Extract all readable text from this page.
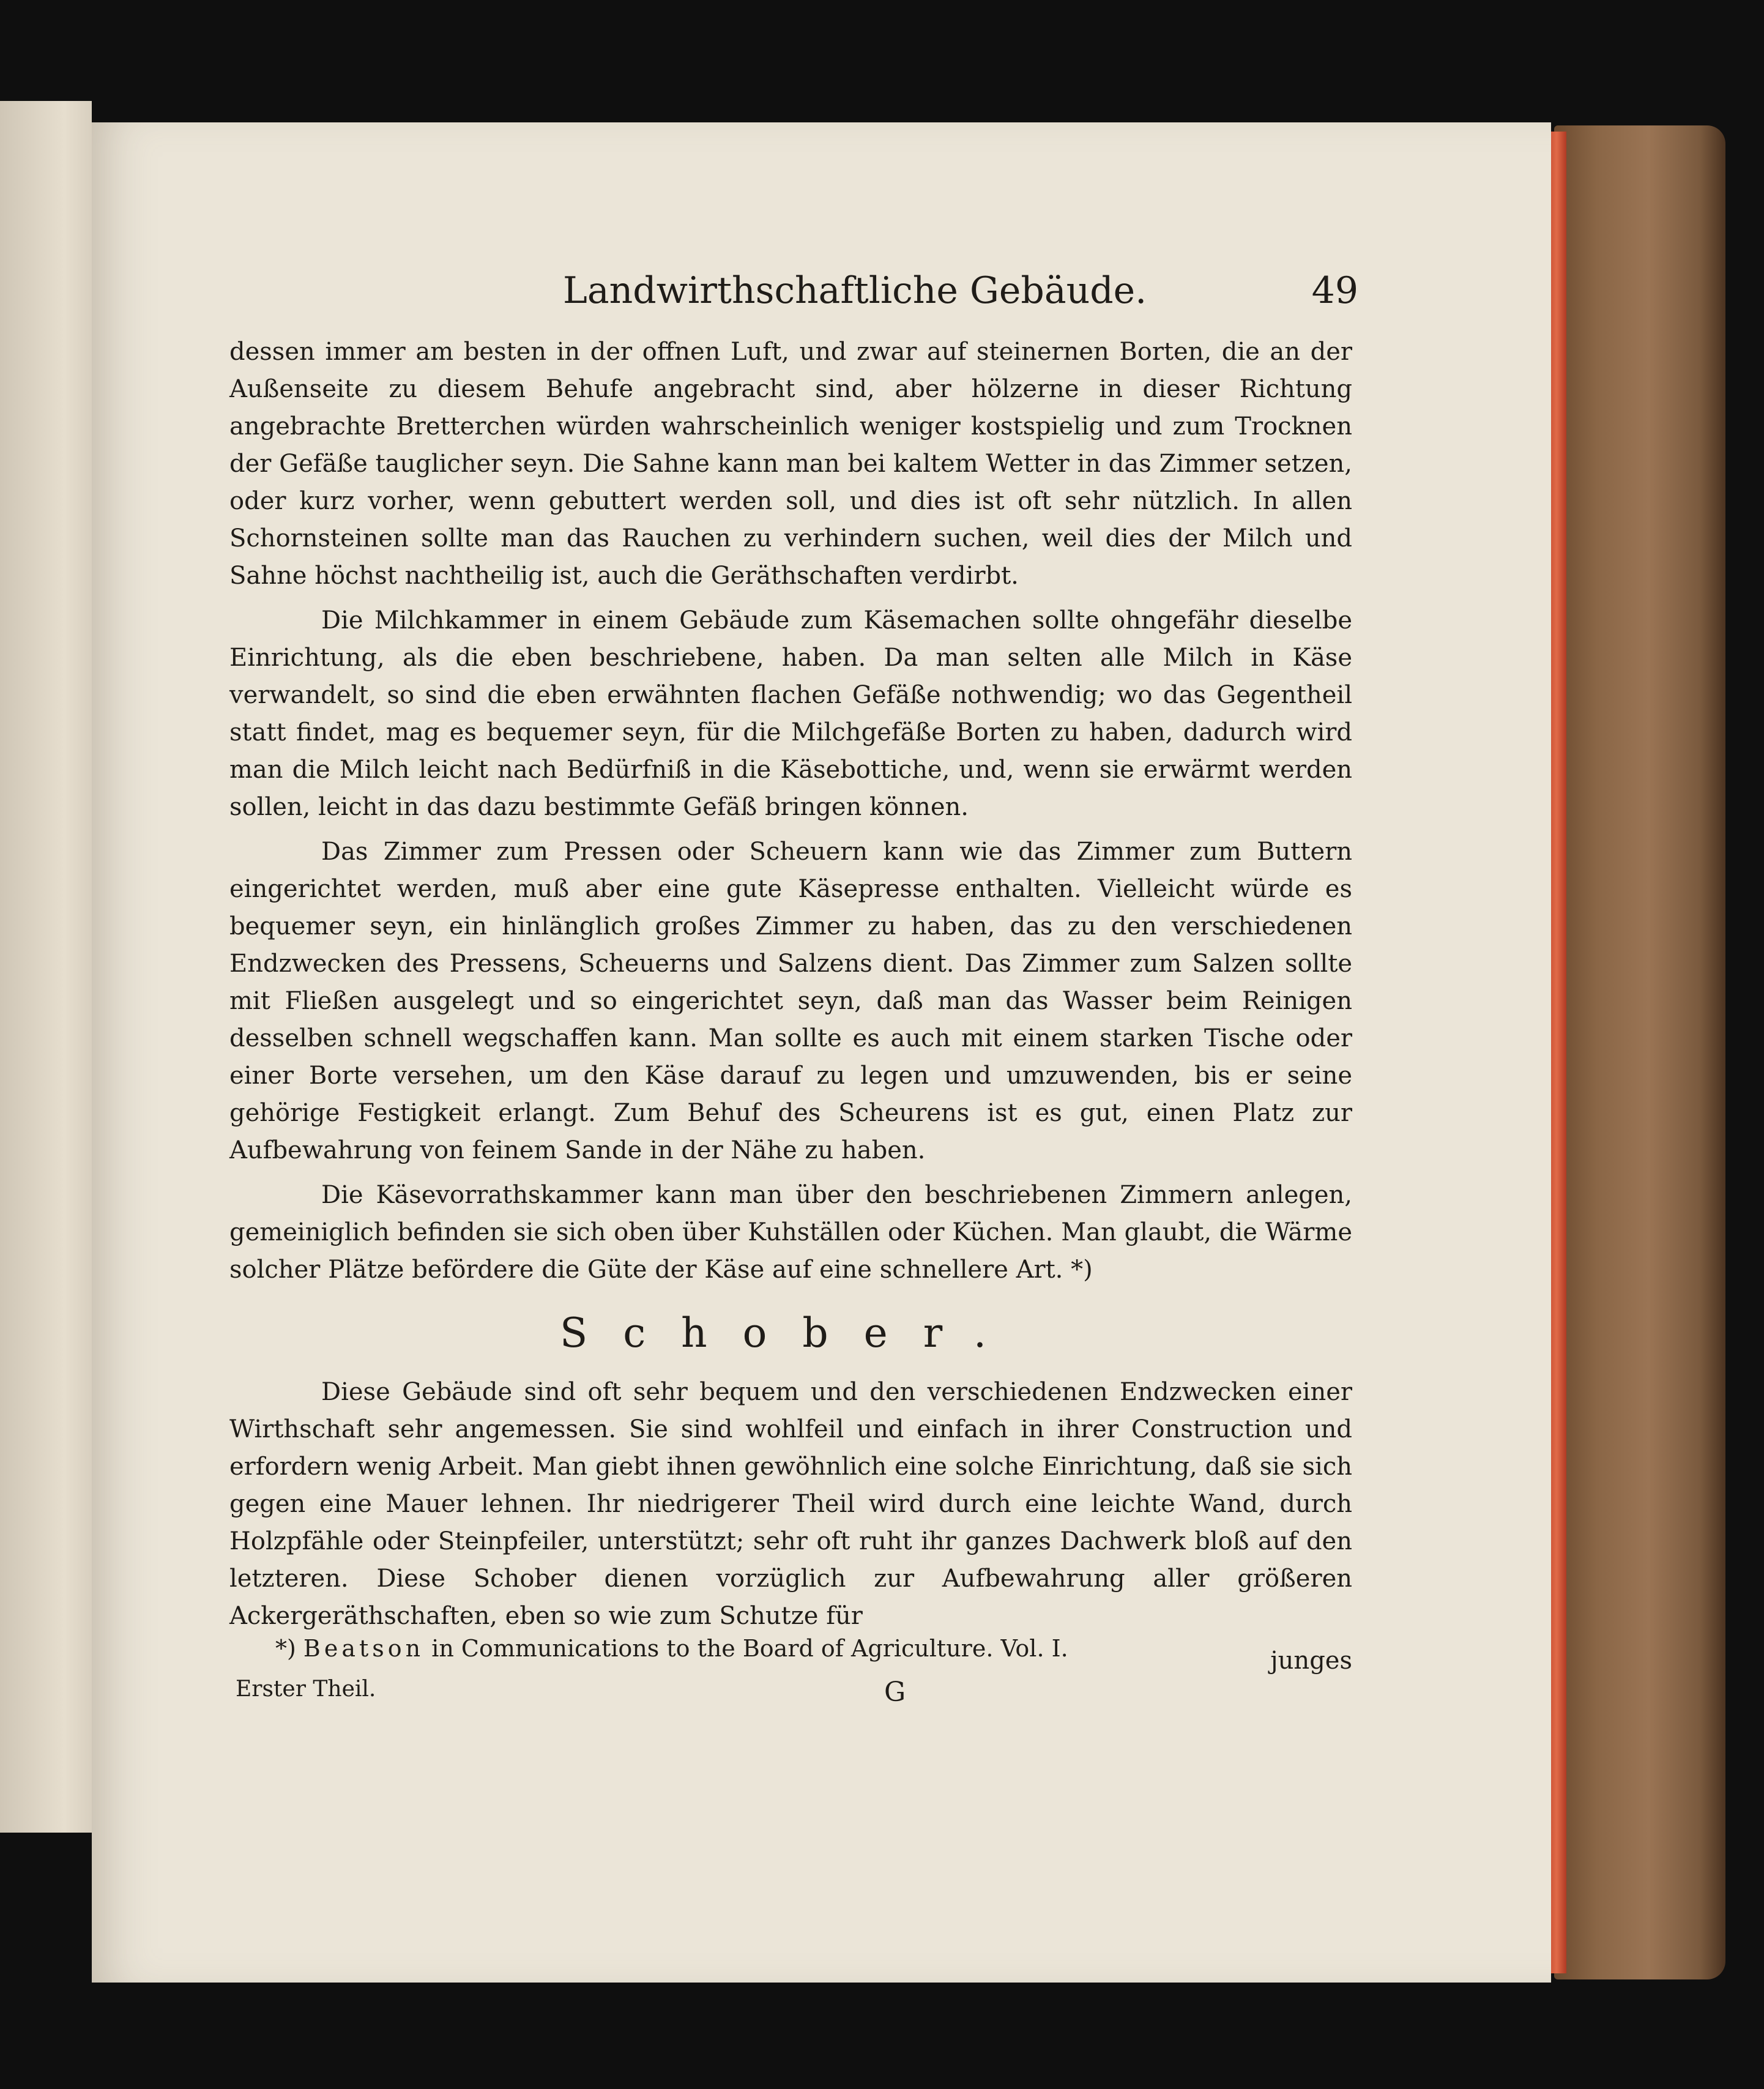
Landwirthschaftliche Gebäude.	49

dessen immer am besten in der offnen Luft, und zwar auf steinernen Borten, die an der Außenseite zu diesem Behufe angebracht sind, aber hölzerne in dieser Richtung angebrachte Bretterchen würden wahrscheinlich weniger kostspielig und zum Trocknen der Gefäße tauglicher seyn. Die Sahne kann man bei kaltem Wetter in das Zimmer setzen, oder kurz vorher, wenn gebuttert werden soll, und dies ist oft sehr nützlich. In allen Schornsteinen sollte man das Rauchen zu verhindern suchen, weil dies der Milch und Sahne höchst nachtheilig ist, auch die Geräthschaften verdirbt.

Die Milchkammer in einem Gebäude zum Käsemachen sollte ohngefähr dieselbe Einrichtung, als die eben beschriebene, haben. Da man selten alle Milch in Käse verwandelt, so sind die eben erwähnten flachen Gefäße nothwendig; wo das Gegentheil statt findet, mag es bequemer seyn, für die Milchgefäße Borten zu haben, dadurch wird man die Milch leicht nach Bedürfniß in die Käsebottiche, und, wenn sie erwärmt werden sollen, leicht in das dazu bestimmte Gefäß bringen können.

Das Zimmer zum Pressen oder Scheuern kann wie das Zimmer zum Buttern eingerichtet werden, muß aber eine gute Käsepresse enthalten. Vielleicht würde es bequemer seyn, ein hinlänglich großes Zimmer zu haben, das zu den verschiedenen Endzwecken des Pressens, Scheuerns und Salzens dient. Das Zimmer zum Salzen sollte mit Fließen ausgelegt und so eingerichtet seyn, daß man das Wasser beim Reinigen desselben schnell wegschaffen kann. Man sollte es auch mit einem starken Tische oder einer Borte versehen, um den Käse darauf zu legen und umzuwenden, bis er seine gehörige Festigkeit erlangt. Zum Behuf des Scheurens ist es gut, einen Platz zur Aufbewahrung von feinem Sande in der Nähe zu haben.

Die Käsevorrathskammer kann man über den beschriebenen Zimmern anlegen, gemeiniglich befinden sie sich oben über Kuhställen oder Küchen. Man glaubt, die Wärme solcher Plätze befördere die Güte der Käse auf eine schnellere Art. *)

Schober.

Diese Gebäude sind oft sehr bequem und den verschiedenen Endzwecken einer Wirthschaft sehr angemessen. Sie sind wohlfeil und einfach in ihrer Construction und erfordern wenig Arbeit. Man giebt ihnen gewöhnlich eine solche Einrichtung, daß sie sich gegen eine Mauer lehnen. Ihr niedrigerer Theil wird durch eine leichte Wand, durch Holzpfähle oder Steinpfeiler, unterstützt; sehr oft ruht ihr ganzes Dachwerk bloß auf den letzteren. Diese Schober dienen vorzüglich zur Aufbewahrung aller größeren Ackergeräthschaften, eben so wie zum Schutze für

junges

*) Beatson in Communications to the Board of Agriculture. Vol. I.
Erster Theil.	G
